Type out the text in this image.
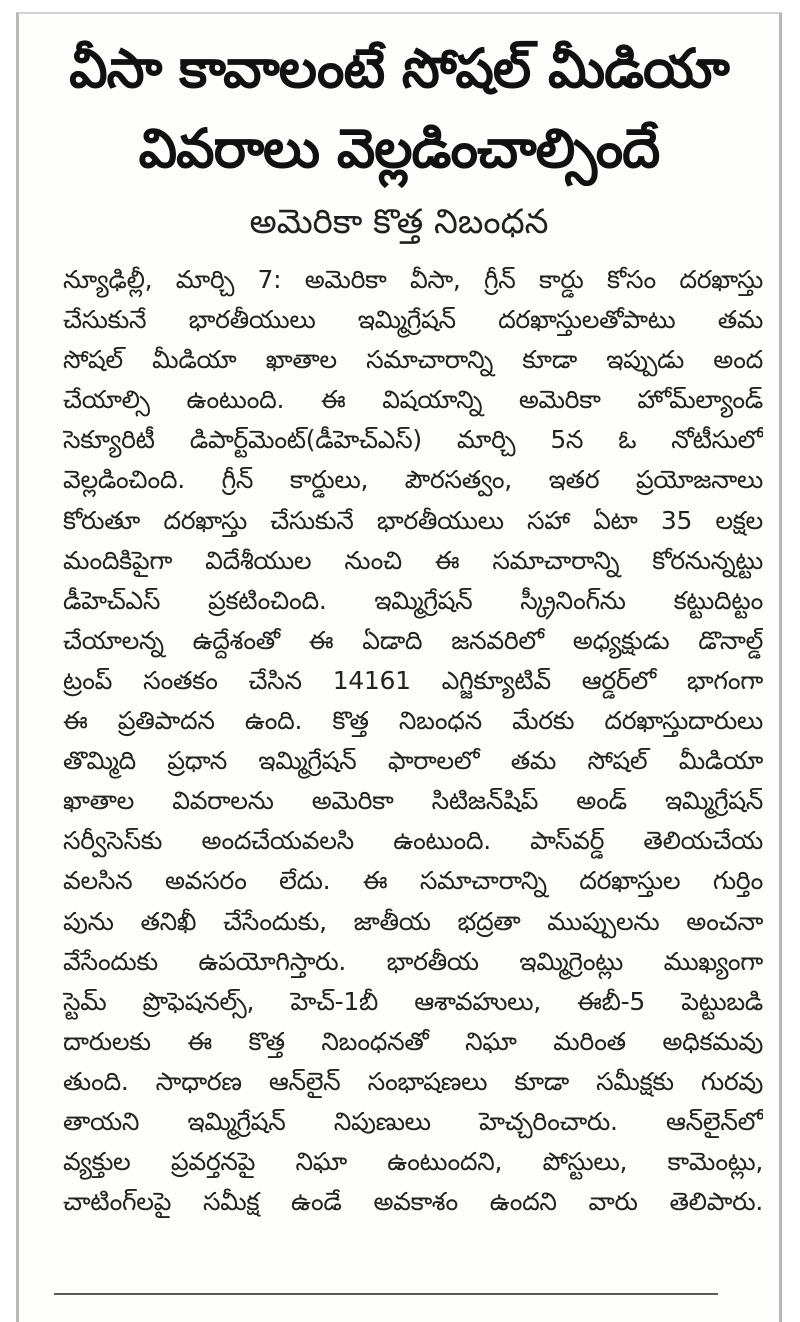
వీసా కావాలంటే సోషల్ మీడియా
వివరాలు వెల్లడించాల్సిందే
అమెరికా కొత్త నిబంధన
న్యూఢిల్లీ, మార్చి 7: అమెరికా వీసా, గ్రీన్ కార్డు కోసం దరఖాస్తు
చేసుకునే భారతీయులు ఇమ్మిగ్రేషన్ దరఖాస్తులతోపాటు తమ
సోషల్ మీడియా ఖాతాల సమాచారాన్ని కూడా ఇప్పుడు అంద
చేయాల్సి ఉంటుంది. ఈ విషయాన్ని అమెరికా హోమ్‌ల్యాండ్
సెక్యూరిటీ డిపార్ట్‌మెంట్(డీహెచ్‌ఎస్) మార్చి 5న ఓ నోటీసులో
వెల్లడించింది. గ్రీన్ కార్డులు, పౌరసత్వం, ఇతర ప్రయోజనాలు
కోరుతూ దరఖాస్తు చేసుకునే భారతీయులు సహా ఏటా 35 లక్షల
మందికిపైగా విదేశీయుల నుంచి ఈ సమాచారాన్ని కోరనున్నట్టు
డీహెచ్‌ఎస్ ప్రకటించింది. ఇమ్మిగ్రేషన్ స్క్రీనింగ్‌ను కట్టుదిట్టం
చేయాలన్న ఉద్దేశంతో ఈ ఏడాది జనవరిలో అధ్యక్షుడు డొనాల్డ్
ట్రంప్ సంతకం చేసిన 14161 ఎగ్జిక్యూటివ్ ఆర్డర్‌లో భాగంగా
ఈ ప్రతిపాదన ఉంది. కొత్త నిబంధన మేరకు దరఖాస్తుదారులు
తొమ్మిది ప్రధాన ఇమ్మిగ్రేషన్ ఫారాలలో తమ సోషల్ మీడియా
ఖాతాల వివరాలను అమెరికా సిటిజన్‌షిప్ అండ్ ఇమ్మిగ్రేషన్
సర్వీసెస్‌కు అందచేయవలసి ఉంటుంది. పాస్‌వర్డ్ తెలియచేయ
వలసిన అవసరం లేదు. ఈ సమాచారాన్ని దరఖాస్తుల గుర్తిం
పును తనిఖీ చేసేందుకు, జాతీయ భద్రతా ముప్పులను అంచనా
వేసేందుకు ఉపయోగిస్తారు. భారతీయ ఇమ్మిగ్రెంట్లు ముఖ్యంగా
స్టెమ్ ప్రొఫెషనల్స్, హెచ్-1బీ ఆశావహులు, ఈబీ-5 పెట్టుబడి
దారులకు ఈ కొత్త నిబంధనతో నిఘా మరింత అధికమవు
తుంది. సాధారణ ఆన్‌లైన్ సంభాషణలు కూడా సమీక్షకు గురవు
తాయని ఇమ్మిగ్రేషన్ నిపుణులు హెచ్చరించారు. ఆన్‌లైన్‌లో
వ్యక్తుల ప్రవర్తనపై నిఘా ఉంటుందని, పోస్టులు, కామెంట్లు,
చాటింగ్‌లపై సమీక్ష ఉండే అవకాశం ఉందని వారు తెలిపారు.
